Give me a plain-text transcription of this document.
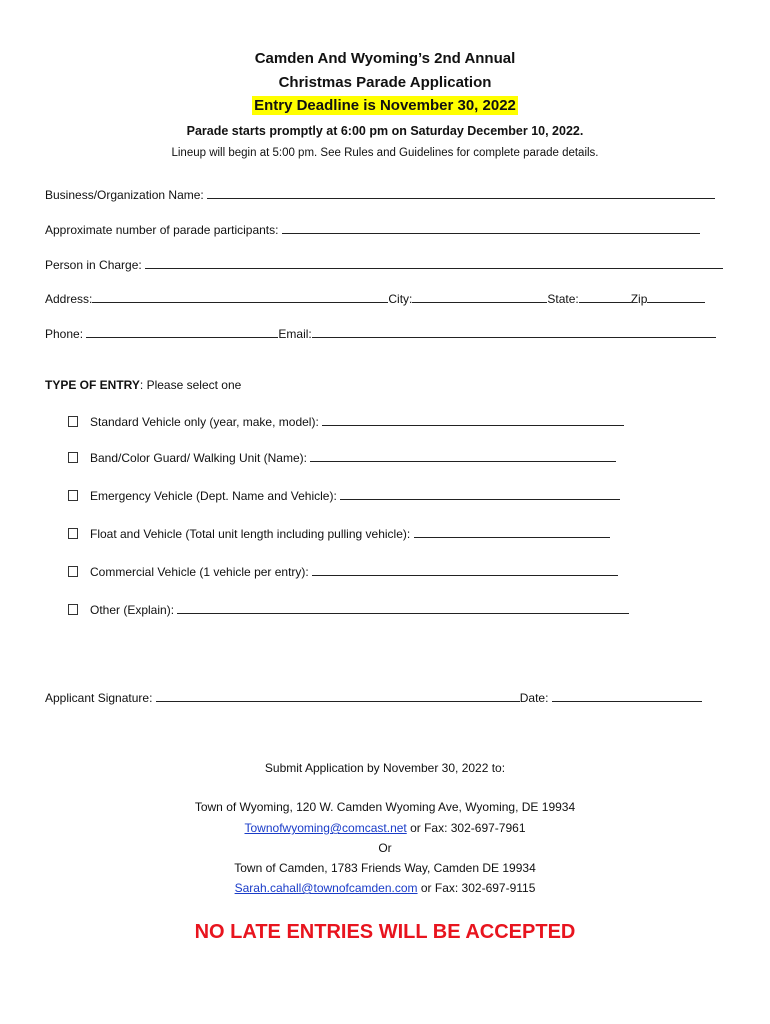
Camden And Wyoming’s 2nd Annual
Christmas Parade Application
Entry Deadline is November 30, 2022
Parade starts promptly at 6:00 pm on Saturday December 10, 2022.
Lineup will begin at 5:00 pm. See Rules and Guidelines for complete parade details.
Business/Organization Name:
Approximate number of parade participants:
Person in Charge:
Address:	City:	State:	Zip
Phone:	Email:
TYPE OF ENTRY: Please select one
Standard Vehicle only (year, make, model):
Band/Color Guard/ Walking Unit (Name):
Emergency Vehicle (Dept. Name and Vehicle):
Float and Vehicle (Total unit length including pulling vehicle):
Commercial Vehicle (1 vehicle per entry):
Other (Explain):
Applicant Signature:	Date:
Submit Application by November 30, 2022 to:
Town of Wyoming, 120 W. Camden Wyoming Ave, Wyoming, DE 19934
Townofwyoming@comcast.net or Fax: 302-697-7961
Or
Town of Camden, 1783 Friends Way, Camden DE 19934
Sarah.cahall@townofcamden.com or Fax: 302-697-9115
NO LATE ENTRIES WILL BE ACCEPTED
